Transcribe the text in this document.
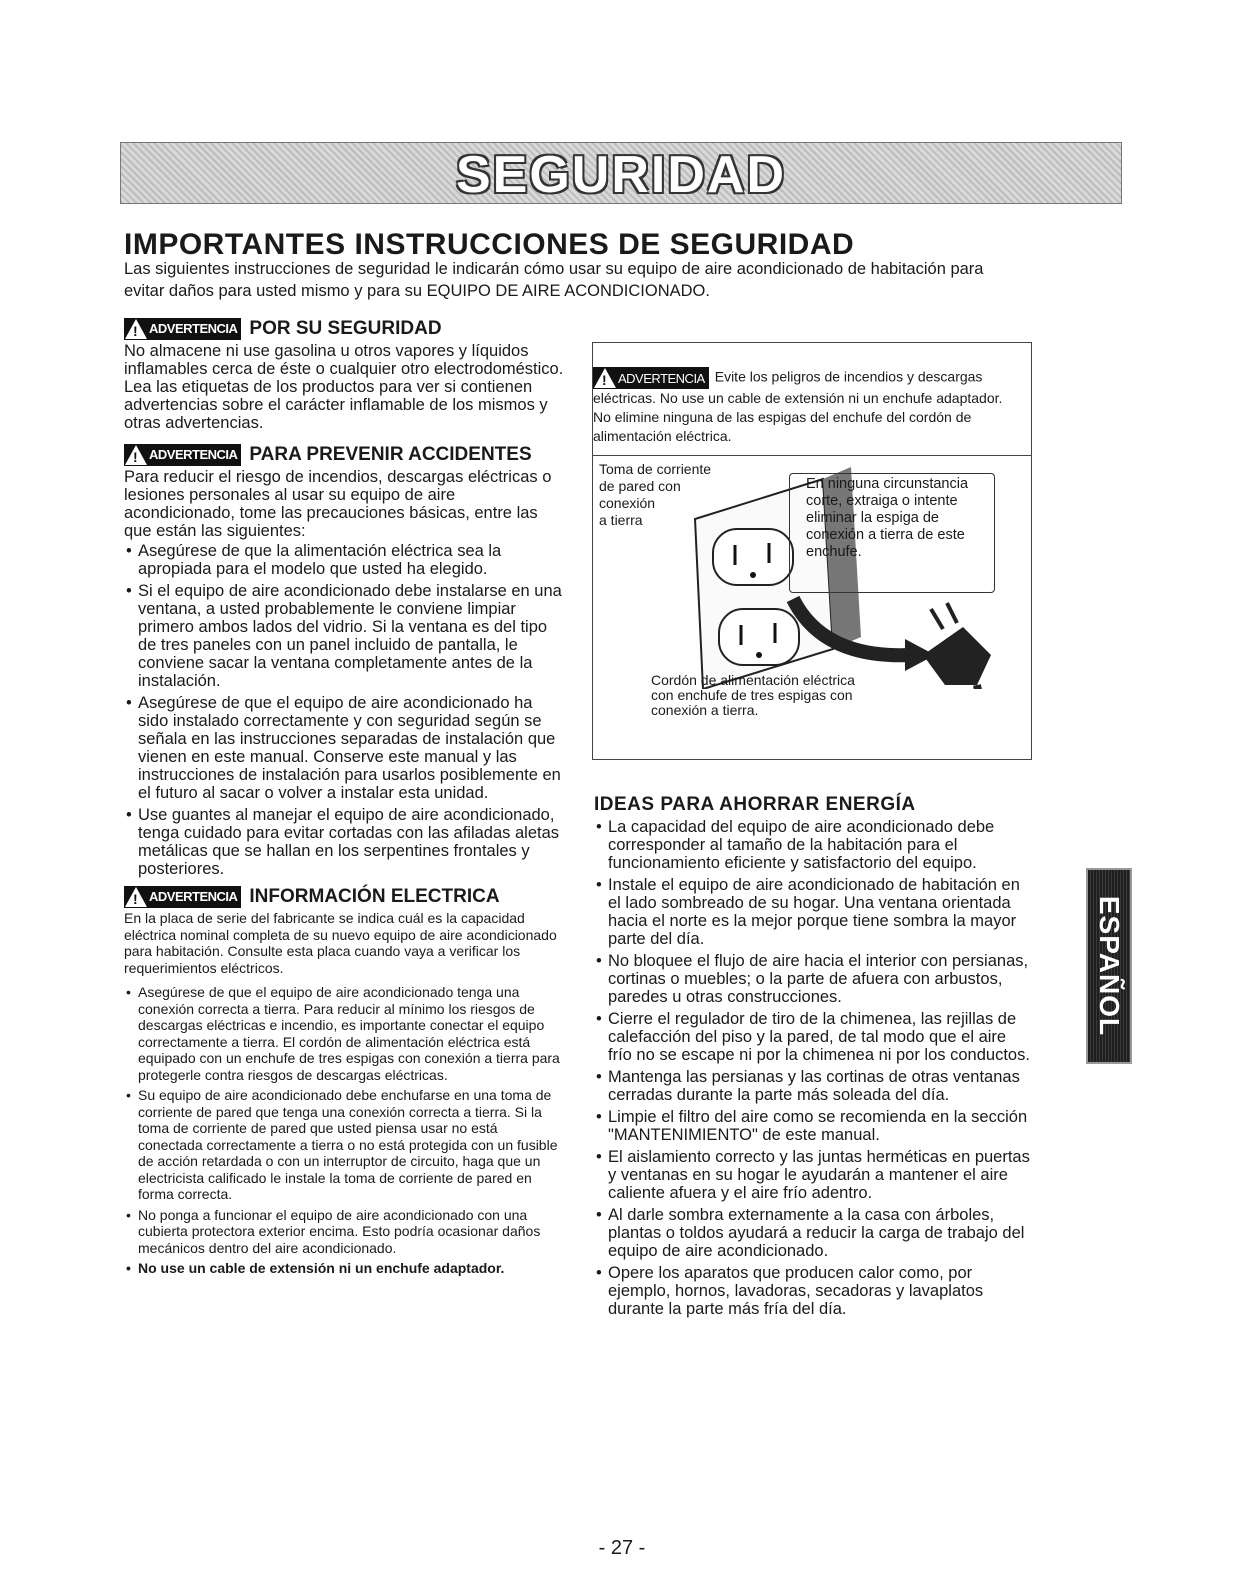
SEGURIDAD
IMPORTANTES INSTRUCCIONES DE SEGURIDAD
Las siguientes instrucciones de seguridad le indicarán cómo usar su equipo de aire acondicionado de habitación para evitar daños para usted mismo y para su EQUIPO DE AIRE ACONDICIONADO.
!
ADVERTENCIA POR SU SEGURIDAD

No almacene ni use gasolina u otros vapores y líquidos inflamables cerca de éste o cualquier otro electrodoméstico. Lea las etiquetas de los productos para ver si contienen advertencias sobre el carácter inflamable de los mismos y otras advertencias.

!
ADVERTENCIA PARA PREVENIR ACCIDENTES
Para reducir el riesgo de incendios, descargas eléctricas o lesiones personales al usar su equipo de aire acondicionado, tome las precauciones básicas, entre las que están las siguientes:
• Asegúrese de que la alimentación eléctrica sea la apropiada para el modelo que usted ha elegido.
• Si el equipo de aire acondicionado debe instalarse en una ventana, a usted probablemente le conviene limpiar primero ambos lados del vidrio. Si la ventana es del tipo de tres paneles con un panel incluido de pantalla, le conviene sacar la ventana completamente antes de la instalación.
• Asegúrese de que el equipo de aire acondicionado ha sido instalado correctamente y con seguridad según se señala en las instrucciones separadas de instalación que vienen en este manual. Conserve este manual y las instrucciones de instalación para usarlos posiblemente en el futuro al sacar o volver a instalar esta unidad.
• Use guantes al manejar el equipo de aire acondicionado, tenga cuidado para evitar cortadas con las afiladas aletas metálicas que se hallan en los serpentines frontales y posteriores.
!
ADVERTENCIA INFORMACIÓN ELECTRICA
En la placa de serie del fabricante se indica cuál es la capacidad eléctrica nominal completa de su nuevo equipo de aire acondicionado para habitación. Consulte esta placa cuando vaya a verificar los requerimientos eléctricos.
• Asegúrese de que el equipo de aire acondicionado tenga una conexión correcta a tierra. Para reducir al mínimo los riesgos de descargas eléctricas e incendio, es importante conectar el equipo correctamente a tierra. El cordón de alimentación eléctrica está equipado con un enchufe de tres espigas con conexión a tierra para protegerle contra riesgos de descargas eléctricas.
• Su equipo de aire acondicionado debe enchufarse en una toma de corriente de pared que tenga una conexión correcta a tierra. Si la toma de corriente de pared que usted piensa usar no está conectada correctamente a tierra o no está protegida con un fusible de acción retardada o con un interruptor de circuito, haga que un electricista calificado le instale la toma de corriente de pared en forma correcta.
• No ponga a funcionar el equipo de aire acondicionado con una cubierta protectora exterior encima. Esto podría ocasionar daños mecánicos dentro del aire acondicionado.
• No use un cable de extensión ni un enchufe adaptador.
!
ADVERTENCIA Evite los peligros de incendios y descargas eléctricas. No use un cable de extensión ni un enchufe adaptador. No elimine ninguna de las espigas del enchufe del cordón de alimentación eléctrica.
Toma de corriente
de pared con
conexión
a tierra
En ninguna circunstancia corte, extraiga o intente eliminar la espiga de conexión a tierra de este enchufe.
Cordón de alimentación eléctrica con enchufe de tres espigas con conexión a tierra.
IDEAS PARA AHORRAR ENERGÍA
• La capacidad del equipo de aire acondicionado debe corresponder al tamaño de la habitación para el funcionamiento eficiente y satisfactorio del equipo.
• Instale el equipo de aire acondicionado de habitación en el lado sombreado de su hogar. Una ventana orientada hacia el norte es la mejor porque tiene sombra la mayor parte del día.
• No bloquee el flujo de aire hacia el interior con persianas, cortinas o muebles; o la parte de afuera con arbustos, paredes u otras construcciones.
• Cierre el regulador de tiro de la chimenea, las rejillas de calefacción del piso y la pared, de tal modo que el aire frío no se escape ni por la chimenea ni por los conductos.
• Mantenga las persianas y las cortinas de otras ventanas cerradas durante la parte más soleada del día.
• Limpie el filtro del aire como se recomienda en la sección "MANTENIMIENTO" de este manual.
• El aislamiento correcto y las juntas herméticas en puertas y ventanas en su hogar le ayudarán a mantener el aire caliente afuera y el aire frío adentro.
• Al darle sombra externamente a la casa con árboles, plantas o toldos ayudará a reducir la carga de trabajo del equipo de aire acondicionado.
• Opere los aparatos que producen calor como, por ejemplo, hornos, lavadoras, secadoras y lavaplatos durante la parte más fría del día.
ESPAÑOL
- 27 -
